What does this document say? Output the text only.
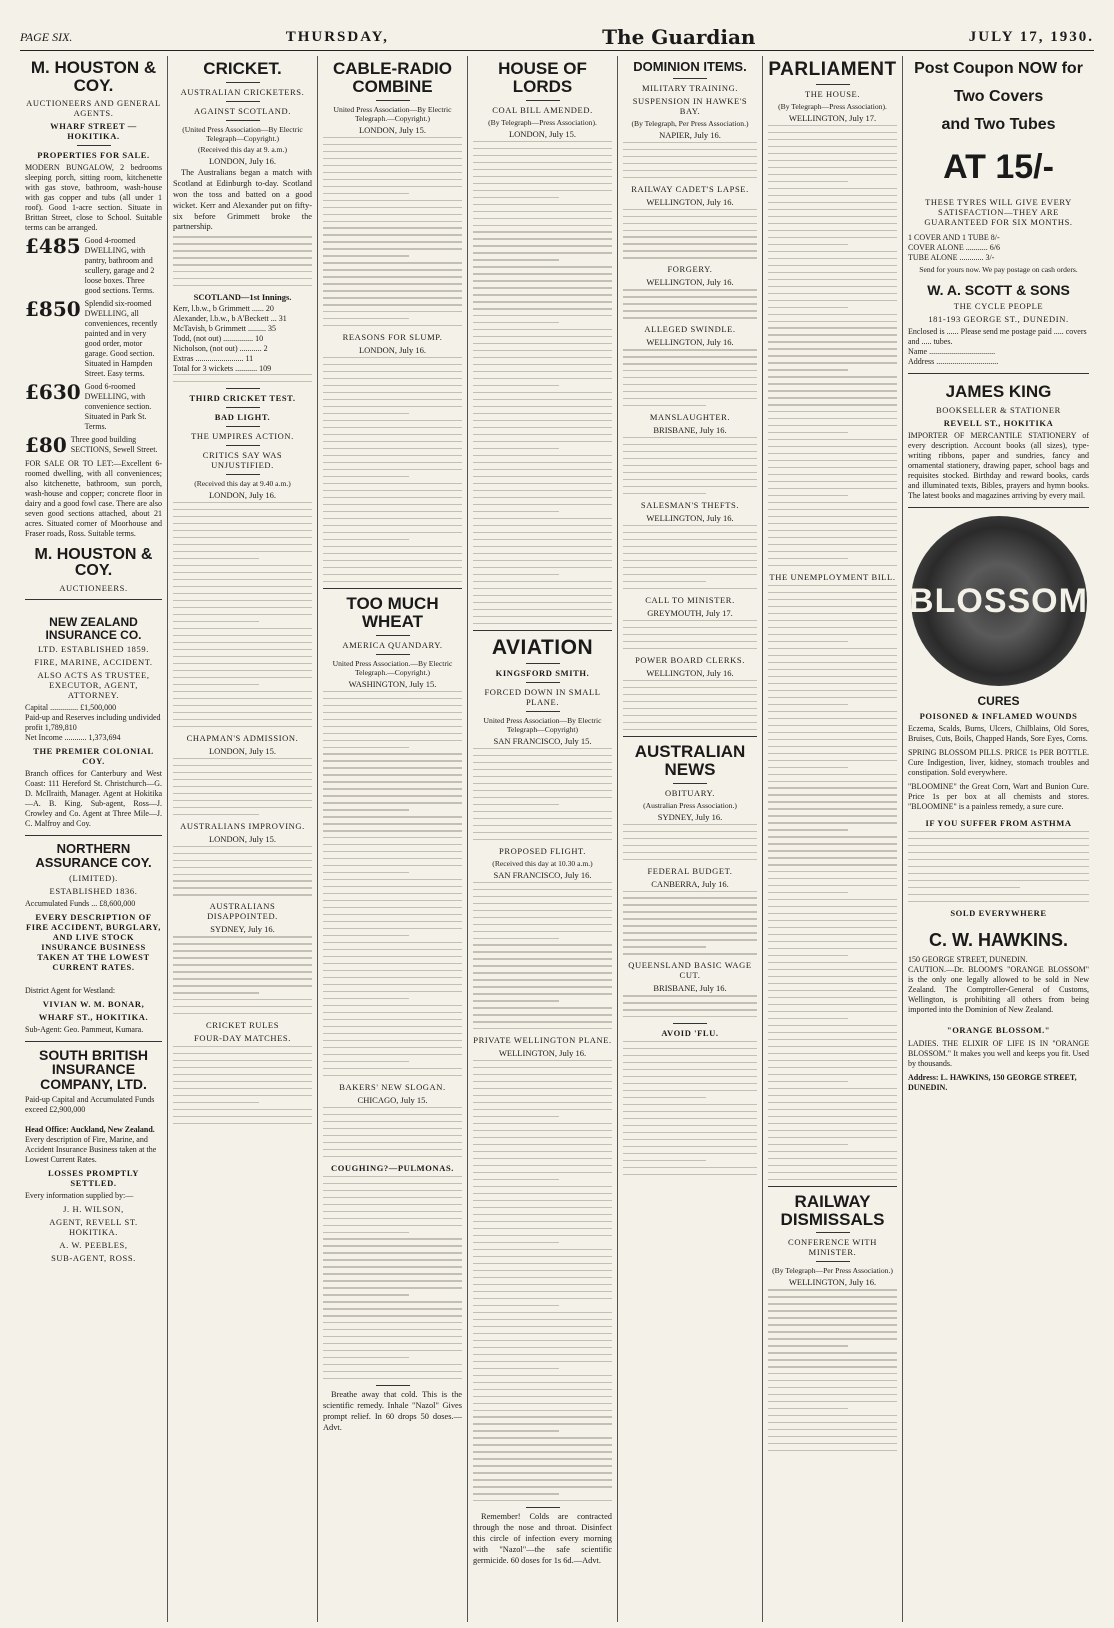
PAGE SIX.	THURSDAY,	The Guardian	JULY 17, 1930.
M. HOUSTON & COY.
AUCTIONEERS AND GENERAL AGENTS.
WHARF STREET — HOKITIKA.
PROPERTIES FOR SALE.
MODERN BUNGALOW, 2 bedrooms sleeping porch, sitting room, kitchenette with gas stove, bathroom, wash-house with gas copper and tubs (all under 1 roof). Good 1-acre section. Situate in Brittan Street, close to School. Suitable terms can be arranged.
£485 Good 4-roomed DWELLING, with pantry, bathroom and scullery, garage and 2 loose boxes. Three good sections. Terms.
£850 Splendid six-roomed DWELLING, all conveniences, recently painted and in very good order, motor garage. Good section. Situated in Hampden Street. Easy terms.
£630 Good 6-roomed DWELLING, with convenience section. Situated in Park St. Terms.
£80 Three good building SECTIONS, Sewell Street.
FOR SALE OR TO LET:—Excellent 6-roomed dwelling, with all conveniences; also kitchenette, bathroom, sun porch, wash-house and copper; concrete floor in dairy and a good fowl case. There are also seven good sections attached, about 21 acres. Situated corner of Moorhouse and Fraser roads, Ross. Suitable terms.
M. HOUSTON & COY.
AUCTIONEERS.
NEW ZEALAND INSURANCE CO.
LTD. ESTABLISHED 1859.
FIRE, MARINE, ACCIDENT.
ALSO ACTS AS TRUSTEE, EXECUTOR, AGENT, ATTORNEY.
Capital .............. £1,500,000
Paid-up and Reserves including undivided profit 1,789,810
Net Income ........... 1,373,694
THE PREMIER COLONIAL COY.
Branch offices for Canterbury and West Coast: 111 Hereford St. Christchurch—G. D. McIlraith, Manager. Agent at Hokitika—A. B. King. Sub-agent, Ross—J. Crowley and Co. Agent at Three Mile—J. C. Malfroy and Coy.
NORTHERN ASSURANCE COY.
(LIMITED).
ESTABLISHED 1836.
Accumulated Funds ... £8,600,000
EVERY DESCRIPTION OF FIRE ACCIDENT, BURGLARY, AND LIVE STOCK INSURANCE BUSINESS TAKEN AT THE LOWEST CURRENT RATES.
District Agent for Westland:
VIVIAN W. M. BONAR,
WHARF ST., HOKITIKA.
Sub-Agent: Geo. Pammeut, Kumara.
SOUTH BRITISH INSURANCE COMPANY, LTD.
Paid-up Capital and Accumulated Funds exceed £2,900,000
Head Office: Auckland, New Zealand.
Every description of Fire, Marine, and Accident Insurance Business taken at the Lowest Current Rates.
LOSSES PROMPTLY SETTLED.
Every information supplied by:—
J. H. WILSON,
AGENT, REVELL ST. HOKITIKA.
A. W. PEEBLES,
SUB-AGENT, ROSS.
CRICKET.
AUSTRALIAN CRICKETERS.
AGAINST SCOTLAND.
(United Press Association—By Electric Telegraph—Copyright.)
(Received this day at 9. a.m.)
LONDON, July 16.
The Australians began a match with Scotland at Edinburgh to-day. Scotland won the toss and batted on a good wicket. Kerr and Alexander put on fifty-six before Grimmett broke the partnership.
SCOTLAND—1st Innings.
Kerr, l.b.w., b Grimmett ...... 20
Alexander, l.b.w., b A'Beckett ... 31
McTavish, b Grimmett ......... 35
Todd, (not out) ............... 10
Nicholson, (not out) ........... 2
Extras ........................ 11
Total for 3 wickets ........... 109
THIRD CRICKET TEST.
BAD LIGHT.
THE UMPIRES ACTION.
CRITICS SAY WAS UNJUSTIFIED.
(Received this day at 9.40 a.m.)
LONDON, July 16.
CHAPMAN'S ADMISSION.
LONDON, July 15.
AUSTRALIANS IMPROVING.
LONDON, July 15.
AUSTRALIANS DISAPPOINTED.
SYDNEY, July 16.
CRICKET RULES
FOUR-DAY MATCHES.
CABLE-RADIO COMBINE
United Press Association—By Electric Telegraph.—Copyright.)
LONDON, July 15.
REASONS FOR SLUMP.
LONDON, July 16.
TOO MUCH WHEAT
AMERICA QUANDARY.
United Press Association.—By Electric Telegraph.—Copyright.)
WASHINGTON, July 15.
BAKERS' NEW SLOGAN.
CHICAGO, July 15.
COUGHING?—PULMONAS.
Breathe away that cold. This is the scientific remedy. Inhale "Nazol" Gives prompt relief. In 60 drops 50 doses.—Advt.
HOUSE OF LORDS
COAL BILL AMENDED.
(By Telegraph—Press Association).
LONDON, July 15.
AVIATION
KINGSFORD SMITH.
FORCED DOWN IN SMALL PLANE.
United Press Association—By Electric Telegraph—Copyright)
SAN FRANCISCO, July 15.
PROPOSED FLIGHT.
(Received this day at 10.30 a.m.)
SAN FRANCISCO, July 16.
PRIVATE WELLINGTON PLANE.
WELLINGTON, July 16.
Remember! Colds are contracted through the nose and throat. Disinfect this circle of infection every morning with "Nazol"—the safe scientific germicide. 60 doses for 1s 6d.—Advt.
DOMINION ITEMS.
MILITARY TRAINING.
SUSPENSION IN HAWKE'S BAY.
(By Telegraph, Per Press Association.)
NAPIER, July 16.
RAILWAY CADET'S LAPSE.
WELLINGTON, July 16.
FORGERY.
WELLINGTON, July 16.
ALLEGED SWINDLE.
WELLINGTON, July 16.
MANSLAUGHTER.
BRISBANE, July 16.
SALESMAN'S THEFTS.
WELLINGTON, July 16.
CALL TO MINISTER.
GREYMOUTH, July 17.
POWER BOARD CLERKS.
WELLINGTON, July 16.
AUSTRALIAN NEWS
OBITUARY.
(Australian Press Association.)
SYDNEY, July 16.
FEDERAL BUDGET.
CANBERRA, July 16.
QUEENSLAND BASIC WAGE CUT.
BRISBANE, July 16.
AVOID 'FLU.
PARLIAMENT
THE HOUSE.
(By Telegraph—Press Association).
WELLINGTON, July 17.
THE UNEMPLOYMENT BILL.
RAILWAY DISMISSALS
CONFERENCE WITH MINISTER.
(By Telegraph—Per Press Association.)
WELLINGTON, July 16.
Post Coupon NOW for
Two Covers
and Two Tubes
AT 15/-
THESE TYRES WILL GIVE EVERY SATISFACTION—THEY ARE GUARANTEED FOR SIX MONTHS.
1 COVER AND 1 TUBE 8/-
COVER ALONE ........... 6/6
TUBE ALONE ............ 3/-
Send for yours now. We pay postage on cash orders.
W. A. SCOTT & SONS
THE CYCLE PEOPLE
181-193 GEORGE ST., DUNEDIN.
Enclosed is ...... Please send me postage paid ..... covers and ..... tubes.
Name .................................
Address ...............................
JAMES KING
BOOKSELLER & STATIONER
REVELL ST., HOKITIKA
IMPORTER OF MERCANTILE STATIONERY of every description. Account books (all sizes), type-writing ribbons, paper and sundries, fancy and ornamental stationery, drawing paper, school bags and requisites stocked. Birthday and reward books, cards and illuminated texts, Bibles, prayers and hymn books. The latest books and magazines arriving by every mail.
BLOSSOM
CURES
POISONED & INFLAMED WOUNDS
Eczema, Scalds, Burns, Ulcers, Chilblains, Old Sores, Bruises, Cuts, Boils, Chapped Hands, Sore Eyes, Corns.
SPRING BLOSSOM PILLS. PRICE 1s PER BOTTLE. Cure Indigestion, liver, kidney, stomach troubles and constipation. Sold everywhere.
"BLOOMINE" the Great Corn, Wart and Bunion Cure. Price 1s per box at all chemists and stores. "BLOOMINE" is a painless remedy, a sure cure.
IF YOU SUFFER FROM ASTHMA
SOLD EVERYWHERE
C. W. HAWKINS.
150 GEORGE STREET, DUNEDIN.
CAUTION.—Dr. BLOOM'S "ORANGE BLOSSOM" is the only one legally allowed to be sold in New Zealand. The Comptroller-General of Customs, Wellington, is prohibiting all others from being imported into the Dominion of New Zealand.
"ORANGE BLOSSOM."
LADIES. THE ELIXIR OF LIFE IS IN "ORANGE BLOSSOM." It makes you well and keeps you fit. Used by thousands.
Address: L. HAWKINS, 150 GEORGE STREET, DUNEDIN.
